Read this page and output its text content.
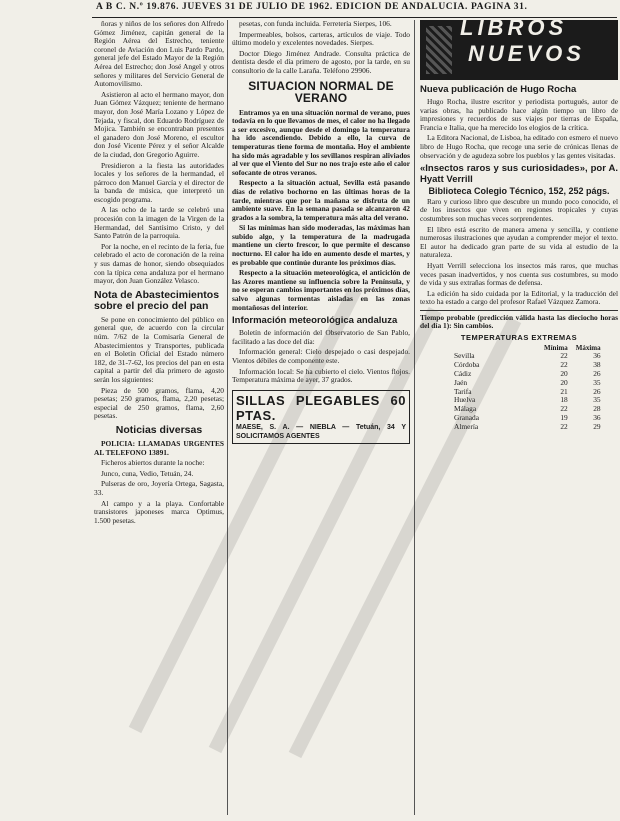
A B C. N.º 19.876. JUEVES 31 DE JULIO DE 1962. EDICION DE ANDALUCIA. PAGINA 31.

ñoras y niños de los señores don Alfredo Gómez Jiménez, capitán general de la Región Aérea del Estrecho, teniente coronel de Aviación don Luis Pardo Pardo, general jefe del Estado Mayor de la Región Aérea del Estrecho; don José Angel y otros señores y militares del Servicio General de Automovilismo.

Asistieron al acto el hermano mayor, don Juan Gómez Vázquez; teniente de hermano mayor, don José María Lozano y López de Tejada, y fiscal, don Eduardo Rodríguez de Mojica. También se encontraban presentes el ganadero don José Moreno, el escultor don José Vicente Pérez y el señor Alcalde de la ciudad, don Gregorio Aguirre.

Presidieron a la fiesta las autoridades locales y los señores de la hermandad, el párroco don Manuel García y el director de la banda de música, que interpretó un escogido programa.

A las ocho de la tarde se celebró una procesión con la imagen de la Virgen de la Hermandad, del Santísimo Cristo, y del Santo Patrón de la parroquia.

Por la noche, en el recinto de la feria, fue celebrado el acto de coronación de la reina y sus damas de honor, siendo obsequiados con la típica cena andaluza por el hermano mayor, don Juan González Velasco.

Nota de Abastecimientos sobre el precio del pan

Se pone en conocimiento del público en general que, de acuerdo con la circular núm. 7/62 de la Comisaría General de Abastecimientos y Transportes, publicada en el Boletín Oficial del Estado número 182, de 31-7-62, los precios del pan en esta capital a partir del día primero de agosto serán los siguientes:

Pieza de 500 gramos, flama, 4,20 pesetas; 250 gramos, flama, 2,20 pesetas; especial de 250 gramos, flama, 2,60 pesetas.

Noticias diversas

POLICIA: LLAMADAS URGENTES AL TELEFONO 13891.

Ficheros abiertos durante la noche:

Junco, cuna, Vedio, Tetuán, 24.

Pulseras de oro, Joyería Ortega, Sagasta, 33.

Al campo y a la playa. Confortable transistores japoneses marca Optimus, 1.500 pesetas.

pesetas, con funda incluida. Ferretería Sierpes, 106.

Impermeables, bolsos, carteras, artículos de viaje. Todo último modelo y excelentes novedades. Sierpes.

Doctor Diego Jiménez Andrade. Consulta práctica de dentista desde el día primero de agosto, por la tarde, en su consultorio de la calle Laraña. Teléfono 29906.

SITUACION NORMAL DE VERANO

Entramos ya en una situación normal de verano, pues todavía en lo que llevamos de mes, el calor no ha llegado a ser excesivo, aunque desde el domingo la temperatura ha ido ascendiendo. Debido a ello, la curva de temperaturas tiene forma de montaña. Hoy el ambiente ha sido más agradable y los sevillanos respiran aliviados al ver que el Viento del Sur no nos trajo este año el calor sofocante de otros veranos.

Respecto a la situación actual, Sevilla está pasando días de relativo bochorno en las últimas horas de la tarde, mientras que por la mañana se disfruta de un ambiente suave. En la semana pasada se alcanzaron 42 grados a la sombra, la temperatura más alta del verano.

Si las mínimas han sido moderadas, las máximas han subido algo, y la temperatura de la madrugada mantiene un cierto frescor, lo que permite el descanso nocturno. El calor ha ido en aumento desde el martes, y es probable que continúe durante los próximos días.

Respecto a la situación meteorológica, el anticiclón de las Azores mantiene su influencia sobre la Península, y no se esperan cambios importantes en los próximos días, salvo algunas tormentas aisladas en las zonas montañosas del interior.

Información meteorológica andaluza

Boletín de información del Observatorio de San Pablo, facilitado a las doce del día:

Información general: Cielo despejado o casi despejado. Vientos débiles de componente este.

Información local: Se ha cubierto el cielo. Vientos flojos. Temperatura máxima de ayer, 37 grados.

SILLAS PLEGABLES 60 PTAS.
MAESE, S. A. — NIEBLA — Tetuán, 34 Y SOLICITAMOS AGENTES
LIBROS
NUEVOS
Nueva publicación de Hugo Rocha

Hugo Rocha, ilustre escritor y periodista portugués, autor de varias obras, ha publicado hace algún tiempo un libro de impresiones y recuerdos de sus viajes por tierras de España, Francia e Italia, que ha merecido los elogios de la crítica.

La Editora Nacional, de Lisboa, ha editado con esmero el nuevo libro de Hugo Rocha, que recoge una serie de crónicas llenas de observación y de agudeza sobre los pueblos y las gentes visitadas.

«Insectos raros y sus curiosidades», por A. Hyatt Verrill
Biblioteca Colegio Técnico, 152, 252 págs.

Raro y curioso libro que descubre un mundo poco conocido, el de los insectos que viven en regiones tropicales y cuyas costumbres son muchas veces sorprendentes.

El libro está escrito de manera amena y sencilla, y contiene numerosas ilustraciones que ayudan a comprender mejor el texto. El autor ha dedicado gran parte de su vida al estudio de la naturaleza.

Hyatt Verrill selecciona los insectos más raros, que muchas veces pasan inadvertidos, y nos cuenta sus costumbres, su modo de vida y sus extrañas formas de defensa.

La edición ha sido cuidada por la Editorial, y la traducción del texto ha estado a cargo del profesor Rafael Vázquez Zamora.

Tiempo probable (predicción válida hasta las dieciocho horas del día 1): Sin cambios.

TEMPERATURAS EXTREMAS
	Mínima	Máxima
Sevilla	22	36
Córdoba	22	38
Cádiz	20	26
Jaén	20	35
Tarifa	21	26
Huelva	18	35
Málaga	22	28
Granada	19	36
Almería	22	29
